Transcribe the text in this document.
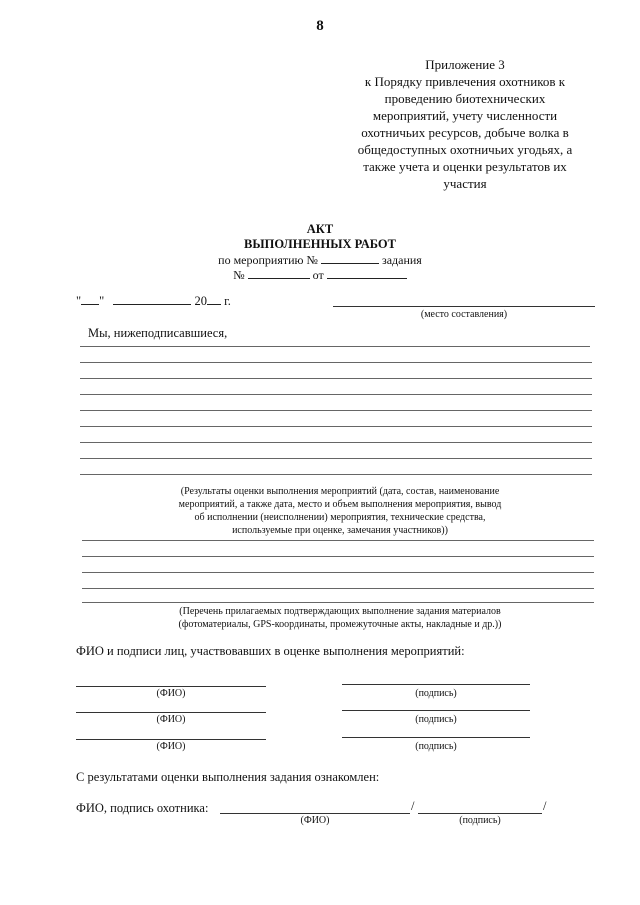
8
Приложение 3
к Порядку привлечения охотников к
проведению биотехнических
мероприятий, учету численности
охотничьих ресурсов, добыче волка в
общедоступных охотничьих угодьях, а
также учета и оценки результатов их
участия
АКТ
ВЫПОЛНЕННЫХ РАБОТ
по мероприятию №	задания
№	от
" "	20 г.
(место составления)
Мы, нижеподписавшиеся,
(Результаты оценки выполнения мероприятий (дата, состав, наименование
мероприятий, а также дата, место и объем выполнения мероприятия, вывод
об исполнении (неисполнении) мероприятия, технические средства,
используемые при оценке, замечания участников))
(Перечень прилагаемых подтверждающих выполнение задания материалов
(фотоматериалы, GPS-координаты, промежуточные акты, накладные и др.))
ФИО и подписи лиц, участвовавших в оценке выполнения мероприятий:
(ФИО)	(подпись)
(ФИО)	(подпись)
(ФИО)	(подпись)
С результатами оценки выполнения задания ознакомлен:
ФИО, подпись охотника:	/	/
(ФИО)	(подпись)
